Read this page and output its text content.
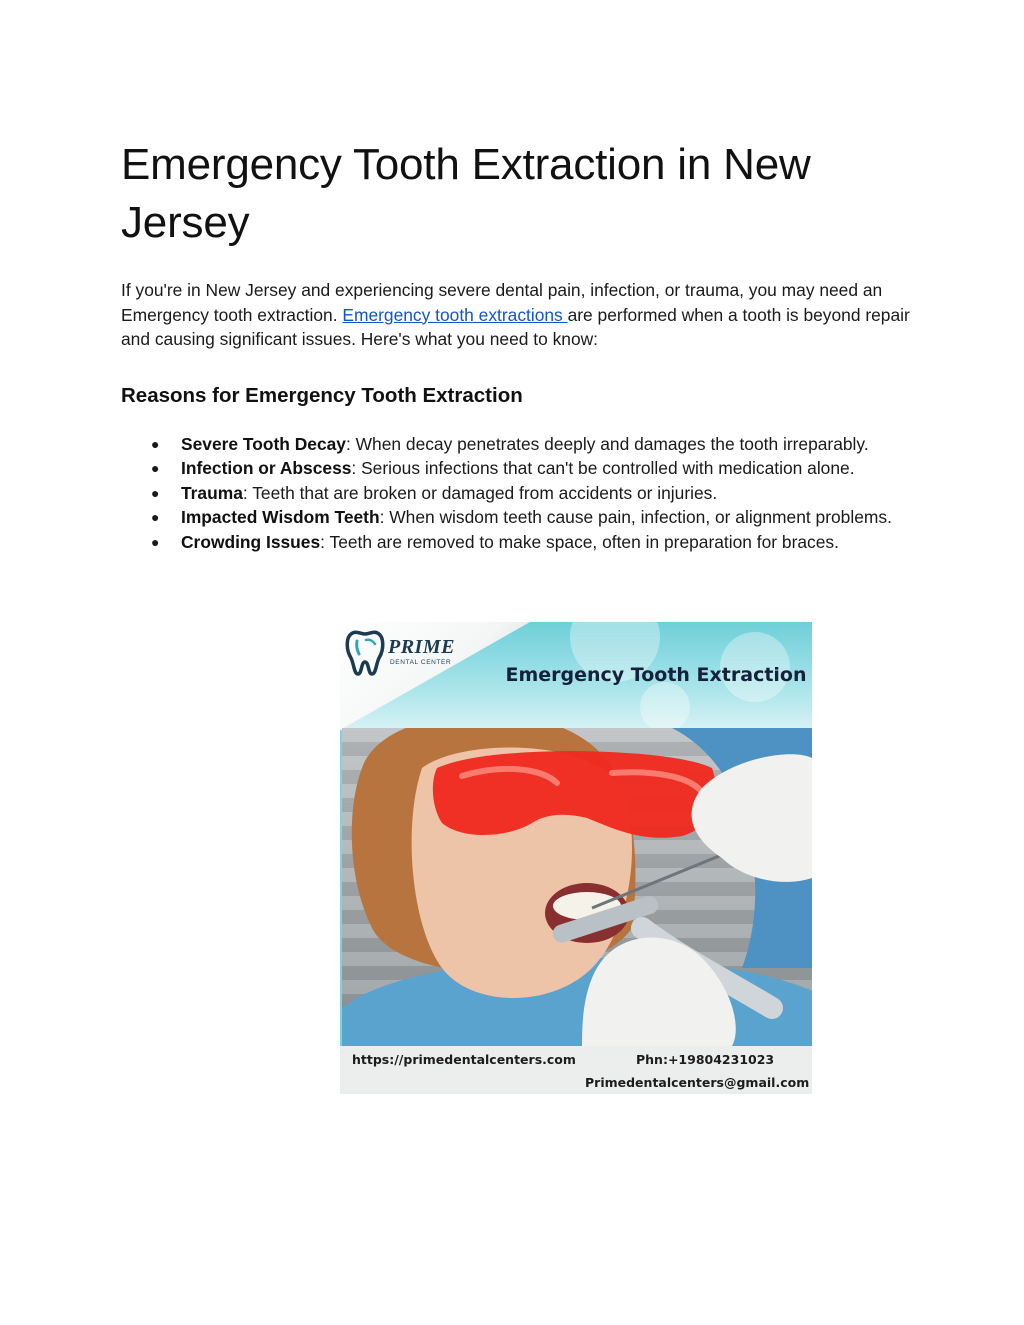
Emergency Tooth Extraction in New Jersey

If you're in New Jersey and experiencing severe dental pain, infection, or trauma, you may need an Emergency tooth extraction. Emergency tooth extractions are performed when a tooth is beyond repair and causing significant issues. Here's what you need to know:

Reasons for Emergency Tooth Extraction
● Severe Tooth Decay: When decay penetrates deeply and damages the tooth irreparably.
● Infection or Abscess: Serious infections that can't be controlled with medication alone.
● Trauma: Teeth that are broken or damaged from accidents or injuries.
● Impacted Wisdom Teeth: When wisdom teeth cause pain, infection, or alignment problems.
● Crowding Issues: Teeth are removed to make space, often in preparation for braces.
PRIME
DENTAL CENTER
Emergency Tooth Extraction
https://primedentalcenters.com	Phn:+19804231023
Primedentalcenters@gmail.com
